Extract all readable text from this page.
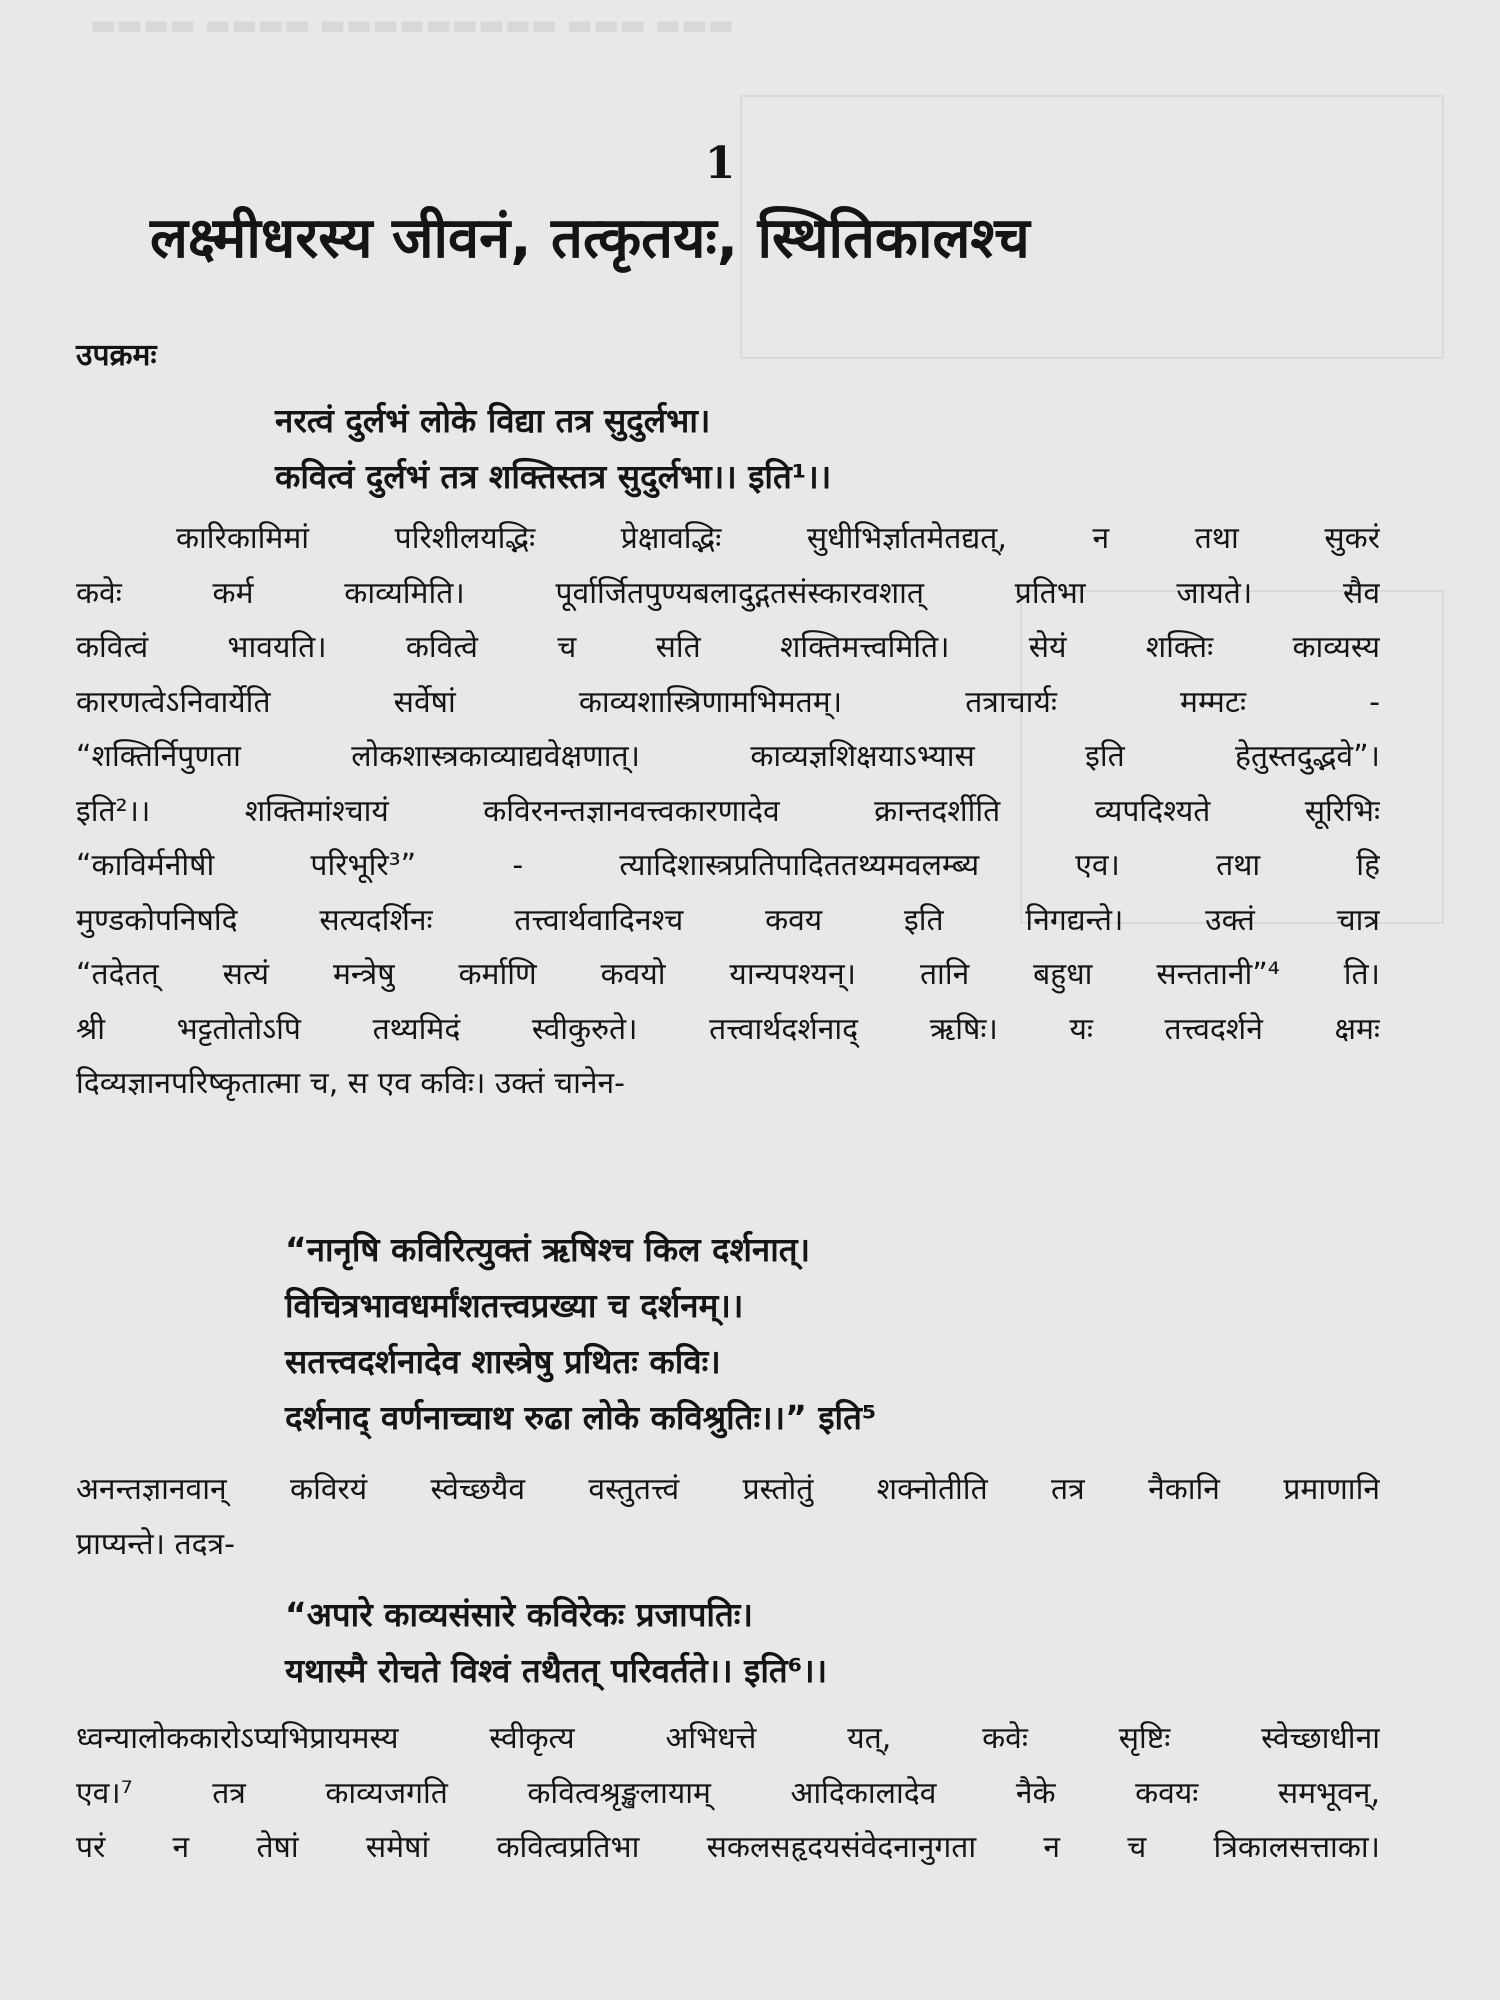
▬▬▬ ▬▬▬ ▬▬▬▬▬▬▬▬▬ ▬▬▬▬ ▬▬▬▬
1
लक्ष्मीधरस्य जीवनं, तत्कृतयः, स्थितिकालश्च
उपक्रमः
नरत्वं दुर्लभं लोके विद्या तत्र सुदुर्लभा।
कवित्वं दुर्लभं तत्र शक्तिस्तत्र सुदुर्लभा।। इति¹।।
कारिकामिमां परिशीलयद्भिः प्रेक्षावद्भिः सुधीभिर्ज्ञातमेतद्यत्, न तथा सुकरं
कवेः कर्म काव्यमिति। पूर्वार्जितपुण्यबलादुद्गतसंस्कारवशात् प्रतिभा जायते। सैव
कवित्वं भावयति। कवित्वे च सति शक्तिमत्त्वमिति। सेयं शक्तिः काव्यस्य
कारणत्वेऽनिवार्येति सर्वेषां काव्यशास्त्रिणामभिमतम्। तत्राचार्यः मम्मटः -
“शक्तिर्निपुणता लोकशास्त्रकाव्याद्यवेक्षणात्। काव्यज्ञशिक्षयाऽभ्यास इति हेतुस्तदुद्भवे”।
इति²।। शक्तिमांश्चायं कविरनन्तज्ञानवत्त्वकारणादेव क्रान्तदर्शीति व्यपदिश्यते सूरिभिः
“काविर्मनीषी परिभूरि³” - त्यादिशास्त्रप्रतिपादिततथ्यमवलम्ब्य एव। तथा हि
मुण्डकोपनिषदि सत्यदर्शिनः तत्त्वार्थवादिनश्च कवय इति निगद्यन्ते। उक्तं चात्र
“तदेतत् सत्यं मन्त्रेषु कर्माणि कवयो यान्यपश्यन्। तानि बहुधा सन्ततानी”⁴ ति।
श्री भट्टतोतोऽपि तथ्यमिदं स्वीकुरुते। तत्त्वार्थदर्शनाद् ऋषिः। यः तत्त्वदर्शने क्षमः
दिव्यज्ञानपरिष्कृतात्मा च, स एव कविः। उक्तं चानेन-
“नानृषि कविरित्युक्तं ऋषिश्च किल दर्शनात्।
विचित्रभावधर्मांशतत्त्वप्रख्या च दर्शनम्।।
सतत्त्वदर्शनादेव शास्त्रेषु प्रथितः कविः।
दर्शनाद् वर्णनाच्चाथ रुढा लोके कविश्रुतिः।।” इति⁵
अनन्तज्ञानवान् कविरयं स्वेच्छयैव वस्तुतत्त्वं प्रस्तोतुं शक्नोतीति तत्र नैकानि प्रमाणानि
प्राप्यन्ते। तदत्र-
“अपारे काव्यसंसारे कविरेकः प्रजापतिः।
यथास्मै रोचते विश्वं तथैतत् परिवर्तते।। इति⁶।।
ध्वन्यालोककारोऽप्यभिप्रायमस्य स्वीकृत्य अभिधत्ते यत्, कवेः सृष्टिः स्वेच्छाधीना
एव।⁷ तत्र काव्यजगति कवित्वश्रृङ्खलायाम् आदिकालादेव नैके कवयः समभूवन्,
परं न तेषां समेषां कवित्वप्रतिभा सकलसहृदयसंवेदनानुगता न च त्रिकालसत्ताका।
